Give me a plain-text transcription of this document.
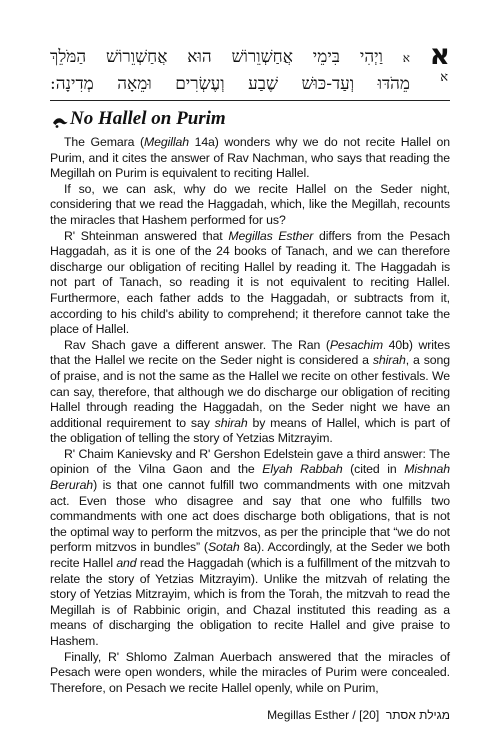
א
א
א וַיְהִי בִּימֵי אֲחַשְׁוֵרוֹשׁ הוּא אֲחַשְׁוֵרוֹשׁ הַמֹּלֵךְ
מֵהֹדּוּ וְעַד-כּוּשׁ שֶׁבַע וְעֶשְׂרִים וּמֵאָה מְדִינָה:
No Hallel on Purim

The Gemara (Megillah 14a) wonders why we do not recite Hallel on Purim, and it cites the answer of Rav Nachman, who says that reading the Megillah on Purim is equivalent to reciting Hallel.

If so, we can ask, why do we recite Hallel on the Seder night, considering that we read the Haggadah, which, like the Megillah, recounts the miracles that Hashem performed for us?

R' Shteinman answered that Megillas Esther differs from the Pesach Haggadah, as it is one of the 24 books of Tanach, and we can therefore discharge our obligation of reciting Hallel by reading it. The Haggadah is not part of Tanach, so reading it is not equivalent to reciting Hallel. Furthermore, each father adds to the Haggadah, or subtracts from it, according to his child's ability to comprehend; it therefore cannot take the place of Hallel.

Rav Shach gave a different answer. The Ran (Pesachim 40b) writes that the Hallel we recite on the Seder night is considered a shirah, a song of praise, and is not the same as the Hallel we recite on other festivals. We can say, therefore, that although we do discharge our obligation of reciting Hallel through reading the Haggadah, on the Seder night we have an additional requirement to say shirah by means of Hallel, which is part of the obligation of telling the story of Yetzias Mitzrayim.

R' Chaim Kanievsky and R' Gershon Edelstein gave a third answer: The opinion of the Vilna Gaon and the Elyah Rabbah (cited in Mishnah Berurah) is that one cannot fulfill two commandments with one mitzvah act. Even those who disagree and say that one who fulfills two commandments with one act does discharge both obligations, that is not the optimal way to perform the mitzvos, as per the principle that “we do not perform mitzvos in bundles” (Sotah 8a). Accordingly, at the Seder we both recite Hallel and read the Haggadah (which is a fulfillment of the mitzvah to relate the story of Yetzias Mitzrayim). Unlike the mitzvah of relating the story of Yetzias Mitzrayim, which is from the Torah, the mitzvah to read the Megillah is of Rabbinic origin, and Chazal instituted this reading as a means of discharging the obligation to recite Hallel and give praise to Hashem.

Finally, R' Shlomo Zalman Auerbach answered that the miracles of Pesach were open wonders, while the miracles of Purim were concealed. Therefore, on Pesach we recite Hallel openly, while on Purim,

Megillas Esther / מגילת אסתר  [20]
